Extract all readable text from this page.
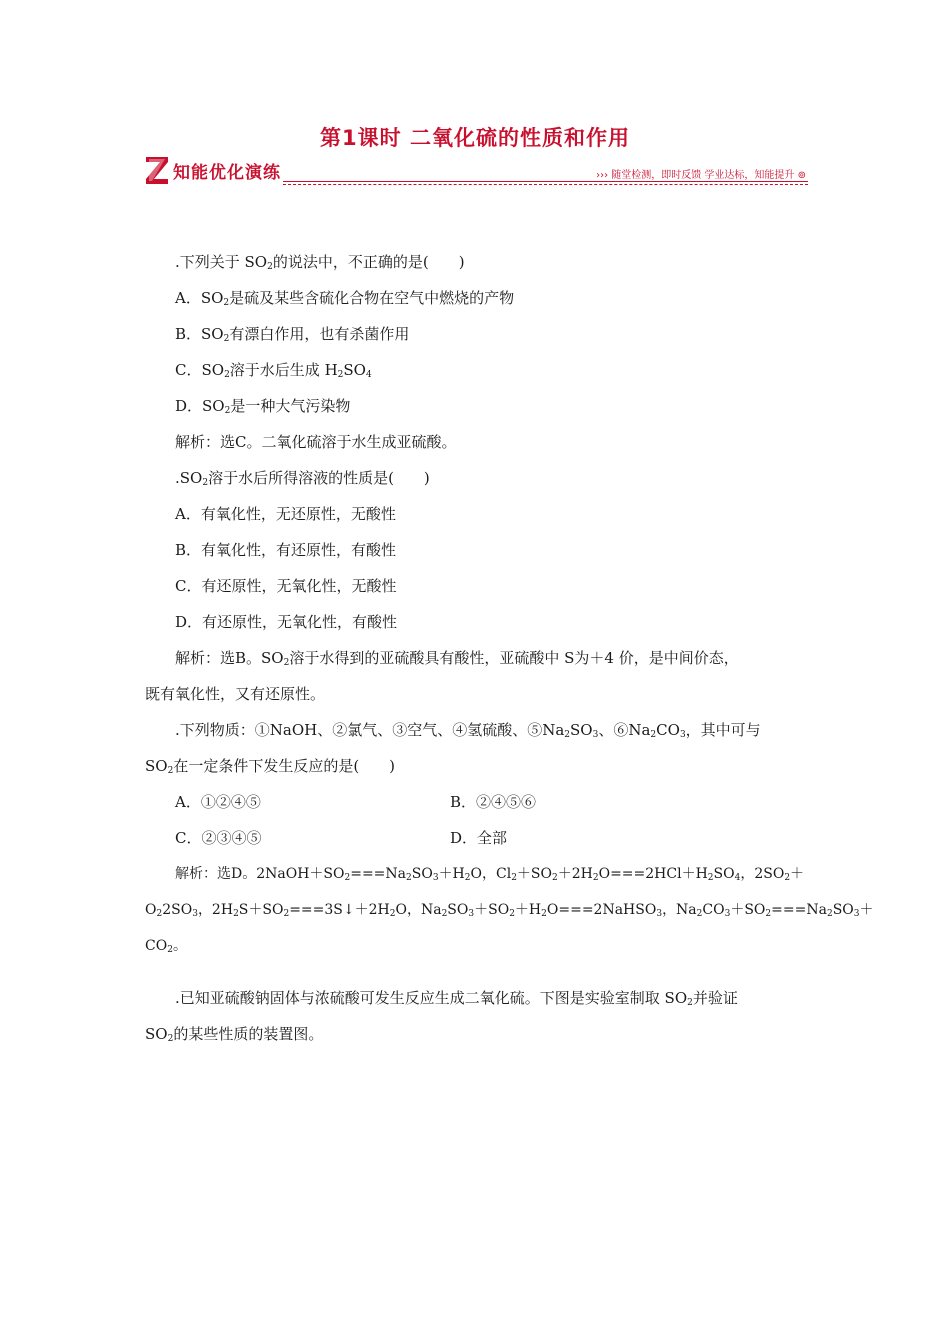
第1课时 二氧化硫的性质和作用
知能优化演练	››› 随堂检测，即时反馈 学业达标，知能提升 ⊚
.下列关于 $SO_2$的说法中，不正确的是(　　)
A．$SO_2$是硫及某些含硫化合物在空气中燃烧的产物
B．$SO_2$有漂白作用，也有杀菌作用
C．$SO_2$溶于水后生成 $H_2SO_4$
D．$SO_2$是一种大气污染物
解析：选C。二氧化硫溶于水生成亚硫酸。
$.SO_2$溶于水后所得溶液的性质是(　　)
A．有氧化性，无还原性，无酸性
B．有氧化性，有还原性，有酸性
C．有还原性，无氧化性，无酸性
D．有还原性，无氧化性，有酸性
解析：选B。$SO_2$溶于水得到的亚硫酸具有酸性，亚硫酸中 S为＋4 价，是中间价态，
既有氧化性，又有还原性。
.下列物质：①NaOH、②氯气、③空气、④氢硫酸、$⑤Na_2SO_3$、$⑥Na_2CO_3$，其中可与
$SO_2$在一定条件下发生反应的是(　　)
A．①②④⑤	B．②④⑤⑥
C．②③④⑤	D．全部
解析：选D。$2NaOH+SO_2===Na_2SO_3+H_2O$，$Cl_2+SO_2+2H_2O===2HCl+H_2SO_4$，$2SO_2+$
$O_22SO_3$，$2H_2S+SO_2===3S↓+2H_2O$，$Na_2SO_3+SO_2+H_2O===2NaHSO_3$，$Na_2CO_3+SO_2===Na_2SO_3+$
$CO_2$。
.已知亚硫酸钠固体与浓硫酸可发生反应生成二氧化硫。下图是实验室制取 $SO_2$并验证
$SO_2$的某些性质的装置图。
